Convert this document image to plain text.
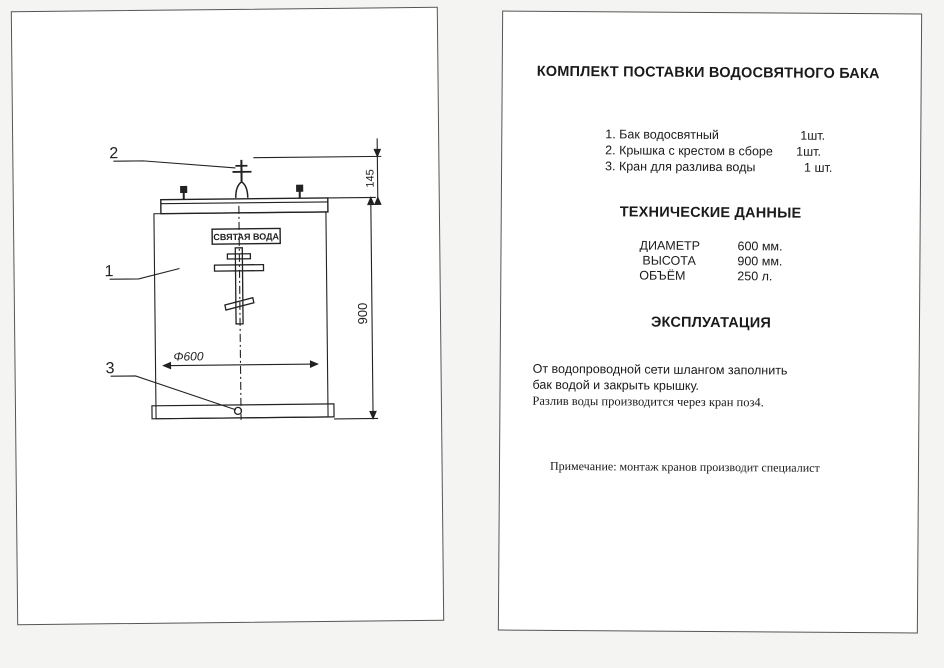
СВЯТАЯ ВОДА
2
1
3
Φ600
900
145
КОМПЛЕКТ ПОСТАВКИ ВОДОСВЯТНОГО БАКА
1. Бак водосвятный	1шт.
2. Крышка с крестом в сборе 1шт.
3. Кран для разлива воды	1 шт.
ТЕХНИЧЕСКИЕ ДАННЫЕ
ДИАМЕТР	600 мм.
ВЫСОТА	900 мм.
ОБЪЁМ	250 л.
ЭКСПЛУАТАЦИЯ
От водопроводной сети шлангом заполнить
бак водой и закрыть крышку.
Разлив воды производится через кран поз4.
Примечание: монтаж кранов производит специалист
